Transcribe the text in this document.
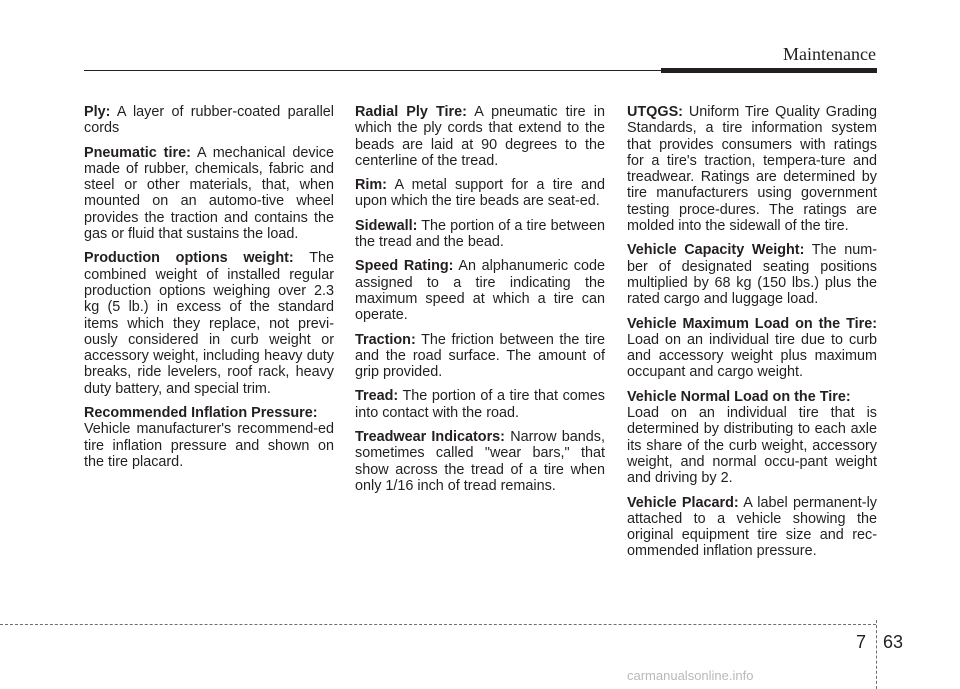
Maintenance

Ply: A layer of rubber-coated parallel cords

Pneumatic tire: A mechanical device made of rubber, chemicals, fabric and steel or other materials, that, when mounted on an automo-tive wheel provides the traction and contains the gas or fluid that sustains the load.

Production options weight: The combined weight of installed regular production options weighing over 2.3 kg (5 lb.) in excess of the standard items which they replace, not previ-ously considered in curb weight or accessory weight, including heavy duty breaks, ride levelers, roof rack, heavy duty battery, and special trim.

Recommended Inflation Pressure:
Vehicle manufacturer's recommend-ed tire inflation pressure and shown on the tire placard.

Radial Ply Tire: A pneumatic tire in which the ply cords that extend to the beads are laid at 90 degrees to the centerline of the tread.

Rim: A metal support for a tire and upon which the tire beads are seat-ed.

Sidewall: The portion of a tire between the tread and the bead.

Speed Rating: An alphanumeric code assigned to a tire indicating the maximum speed at which a tire can operate.

Traction: The friction between the tire and the road surface. The amount of grip provided.

Tread: The portion of a tire that comes into contact with the road.

Treadwear Indicators: Narrow bands, sometimes called "wear bars," that show across the tread of a tire when only 1/16 inch of tread remains.

UTQGS: Uniform Tire Quality Grading Standards, a tire information system that provides consumers with ratings for a tire's traction, tempera-ture and treadwear. Ratings are determined by tire manufacturers using government testing proce-dures. The ratings are molded into the sidewall of the tire.

Vehicle Capacity Weight: The num-ber of designated seating positions multiplied by 68 kg (150 lbs.) plus the rated cargo and luggage load.

Vehicle Maximum Load on the Tire: Load on an individual tire due to curb and accessory weight plus maximum occupant and cargo weight.

Vehicle Normal Load on the Tire:
Load on an individual tire that is determined by distributing to each axle its share of the curb weight, accessory weight, and normal occu-pant weight and driving by 2.

Vehicle Placard: A label permanent-ly attached to a vehicle showing the original equipment tire size and rec-ommended inflation pressure.

7 63
carmanualsonline.info
